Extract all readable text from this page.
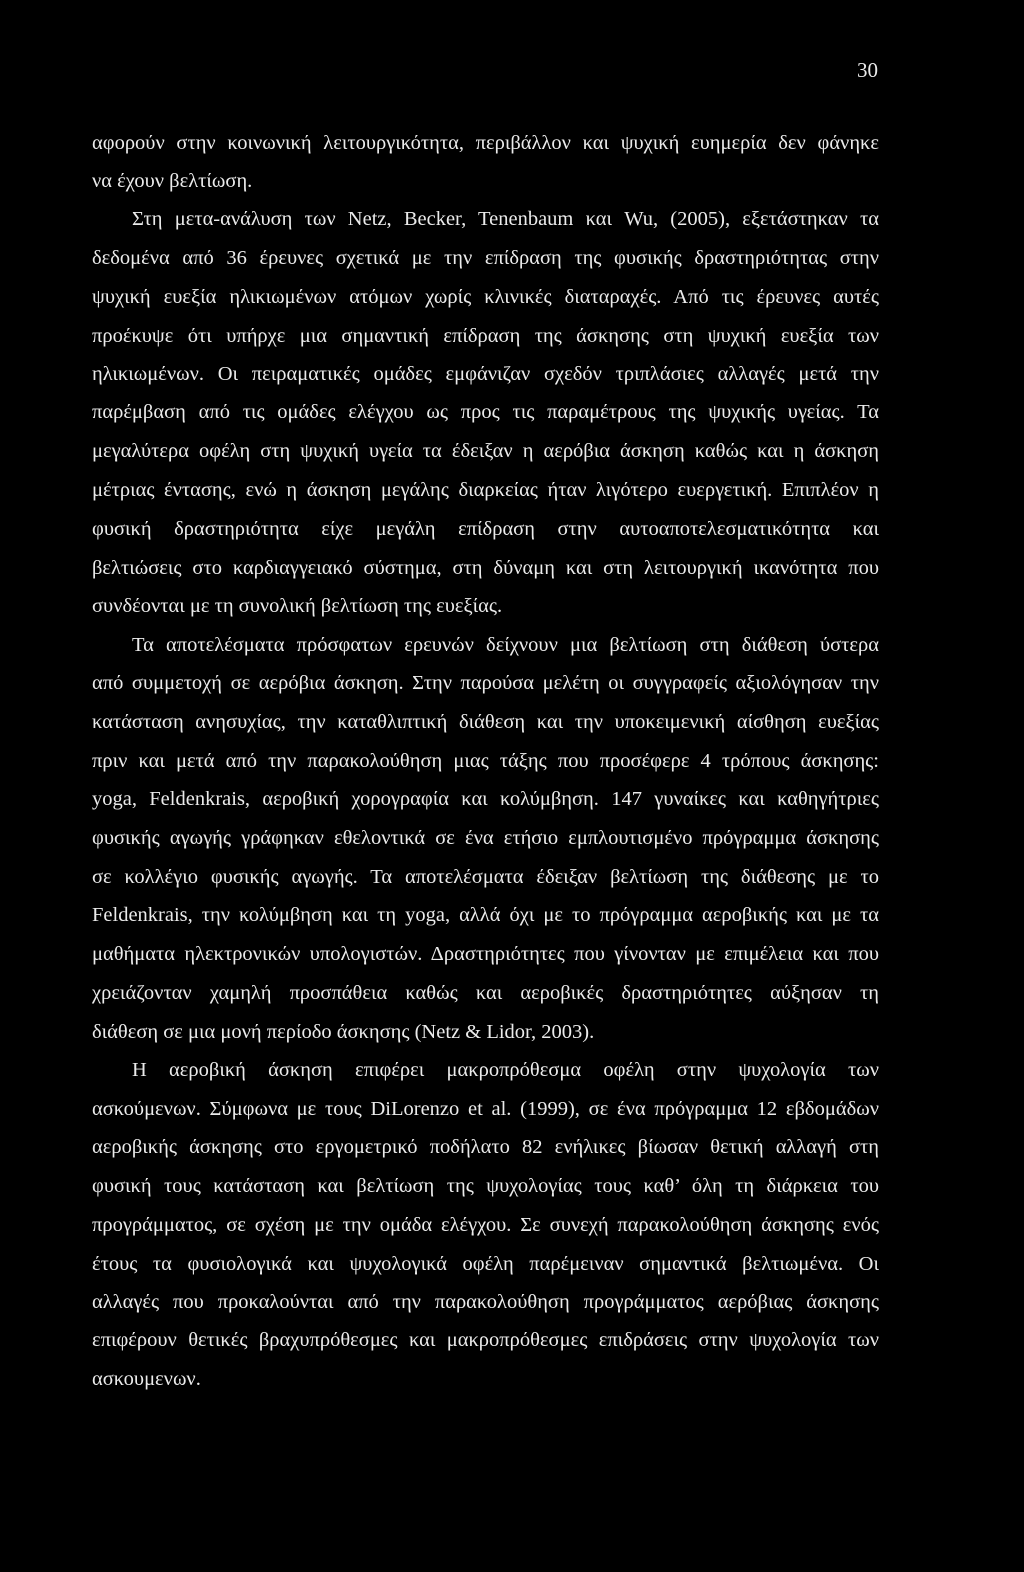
30
αφορούν στην κοινωνική λειτουργικότητα, περιβάλλον και ψυχική ευημερία δεν φάνηκε
να έχουν βελτίωση.
Στη μετα-ανάλυση των Netz, Becker, Tenenbaum και Wu, (2005), εξετάστηκαν τα
δεδομένα από 36 έρευνες σχετικά με την επίδραση της φυσικής δραστηριότητας στην
ψυχική ευεξία ηλικιωμένων ατόμων χωρίς κλινικές διαταραχές. Από τις έρευνες αυτές
προέκυψε ότι υπήρχε μια σημαντική επίδραση της άσκησης στη ψυχική ευεξία των
ηλικιωμένων. Οι πειραματικές ομάδες εμφάνιζαν σχεδόν τριπλάσιες αλλαγές μετά την
παρέμβαση από τις ομάδες ελέγχου ως προς τις παραμέτρους της ψυχικής υγείας. Τα
μεγαλύτερα οφέλη στη ψυχική υγεία τα έδειξαν η αερόβια άσκηση καθώς και η άσκηση
μέτριας έντασης, ενώ η άσκηση μεγάλης διαρκείας ήταν λιγότερο ευεργετική. Επιπλέον η
φυσική δραστηριότητα είχε μεγάλη επίδραση στην αυτοαποτελεσματικότητα και
βελτιώσεις στο καρδιαγγειακό σύστημα, στη δύναμη και στη λειτουργική ικανότητα που
συνδέονται με τη συνολική βελτίωση της ευεξίας.
Τα αποτελέσματα πρόσφατων ερευνών δείχνουν μια βελτίωση στη διάθεση ύστερα
από συμμετοχή σε αερόβια άσκηση. Στην παρούσα μελέτη οι συγγραφείς αξιολόγησαν την
κατάσταση ανησυχίας, την καταθλιπτική διάθεση και την υποκειμενική αίσθηση ευεξίας
πριν και μετά από την παρακολούθηση μιας τάξης που προσέφερε 4 τρόπους άσκησης:
yoga, Feldenkrais, αεροβική χορογραφία και κολύμβηση. 147 γυναίκες και καθηγήτριες
φυσικής αγωγής γράφηκαν εθελοντικά σε ένα ετήσιο εμπλουτισμένο πρόγραμμα άσκησης
σε κολλέγιο φυσικής αγωγής. Τα αποτελέσματα έδειξαν βελτίωση της διάθεσης με το
Feldenkrais, την κολύμβηση και τη yoga, αλλά όχι με το πρόγραμμα αεροβικής και με τα
μαθήματα ηλεκτρονικών υπολογιστών. Δραστηριότητες που γίνονταν με επιμέλεια και που
χρειάζονταν χαμηλή προσπάθεια καθώς και αεροβικές δραστηριότητες αύξησαν τη
διάθεση σε μια μονή περίοδο άσκησης (Netz & Lidor, 2003).
Η αεροβική άσκηση επιφέρει μακροπρόθεσμα οφέλη στην ψυχολογία των
ασκούμενων. Σύμφωνα με τους DiLorenzo et al. (1999), σε ένα πρόγραμμα 12 εβδομάδων
αεροβικής άσκησης στο εργομετρικό ποδήλατο 82 ενήλικες βίωσαν θετική αλλαγή στη
φυσική τους κατάσταση και βελτίωση της ψυχολογίας τους καθ’ όλη τη διάρκεια του
προγράμματος, σε σχέση με την ομάδα ελέγχου. Σε συνεχή παρακολούθηση άσκησης ενός
έτους τα φυσιολογικά και ψυχολογικά οφέλη παρέμειναν σημαντικά βελτιωμένα. Οι
αλλαγές που προκαλούνται από την παρακολούθηση προγράμματος αερόβιας άσκησης
επιφέρουν θετικές βραχυπρόθεσμες και μακροπρόθεσμες επιδράσεις στην ψυχολογία των
ασκουμενων.
